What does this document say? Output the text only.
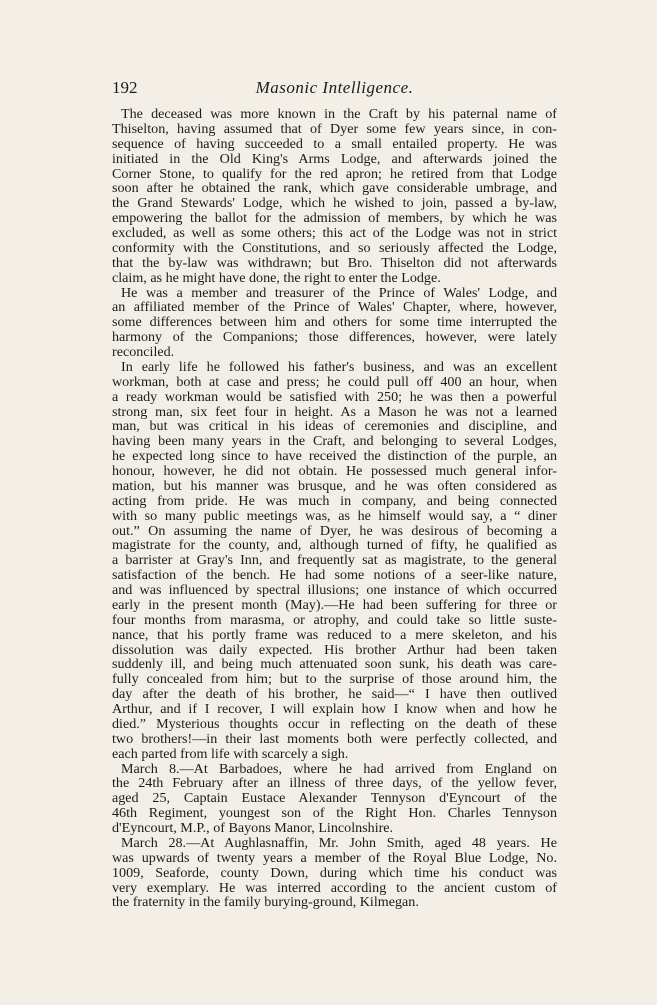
192	Masonic Intelligence.
The deceased was more known in the Craft by his paternal name of
Thiselton, having assumed that of Dyer some few years since, in con-
sequence of having succeeded to a small entailed property. He was
initiated in the Old King's Arms Lodge, and afterwards joined the
Corner Stone, to qualify for the red apron; he retired from that Lodge
soon after he obtained the rank, which gave considerable umbrage, and
the Grand Stewards' Lodge, which he wished to join, passed a by-law,
empowering the ballot for the admission of members, by which he was
excluded, as well as some others; this act of the Lodge was not in strict
conformity with the Constitutions, and so seriously affected the Lodge,
that the by-law was withdrawn; but Bro. Thiselton did not afterwards
claim, as he might have done, the right to enter the Lodge.
He was a member and treasurer of the Prince of Wales' Lodge, and
an affiliated member of the Prince of Wales' Chapter, where, however,
some differences between him and others for some time interrupted the
harmony of the Companions; those differences, however, were lately
reconciled.
In early life he followed his father's business, and was an excellent
workman, both at case and press; he could pull off 400 an hour, when
a ready workman would be satisfied with 250; he was then a powerful
strong man, six feet four in height. As a Mason he was not a learned
man, but was critical in his ideas of ceremonies and discipline, and
having been many years in the Craft, and belonging to several Lodges,
he expected long since to have received the distinction of the purple, an
honour, however, he did not obtain. He possessed much general infor-
mation, but his manner was brusque, and he was often considered as
acting from pride. He was much in company, and being connected
with so many public meetings was, as he himself would say, a “ diner
out.” On assuming the name of Dyer, he was desirous of becoming a
magistrate for the county, and, although turned of fifty, he qualified as
a barrister at Gray's Inn, and frequently sat as magistrate, to the general
satisfaction of the bench. He had some notions of a seer-like nature,
and was influenced by spectral illusions; one instance of which occurred
early in the present month (May).—He had been suffering for three or
four months from marasma, or atrophy, and could take so little suste-
nance, that his portly frame was reduced to a mere skeleton, and his
dissolution was daily expected. His brother Arthur had been taken
suddenly ill, and being much attenuated soon sunk, his death was care-
fully concealed from him; but to the surprise of those around him, the
day after the death of his brother, he said—“ I have then outlived
Arthur, and if I recover, I will explain how I know when and how he
died.” Mysterious thoughts occur in reflecting on the death of these
two brothers!—in their last moments both were perfectly collected, and
each parted from life with scarcely a sigh.
March 8.—At Barbadoes, where he had arrived from England on
the 24th February after an illness of three days, of the yellow fever,
aged 25, Captain Eustace Alexander Tennyson d'Eyncourt of the
46th Regiment, youngest son of the Right Hon. Charles Tennyson
d'Eyncourt, M.P., of Bayons Manor, Lincolnshire.
March 28.—At Aughlasnaffin, Mr. John Smith, aged 48 years. He
was upwards of twenty years a member of the Royal Blue Lodge, No.
1009, Seaforde, county Down, during which time his conduct was
very exemplary. He was interred according to the ancient custom of
the fraternity in the family burying-ground, Kilmegan.
